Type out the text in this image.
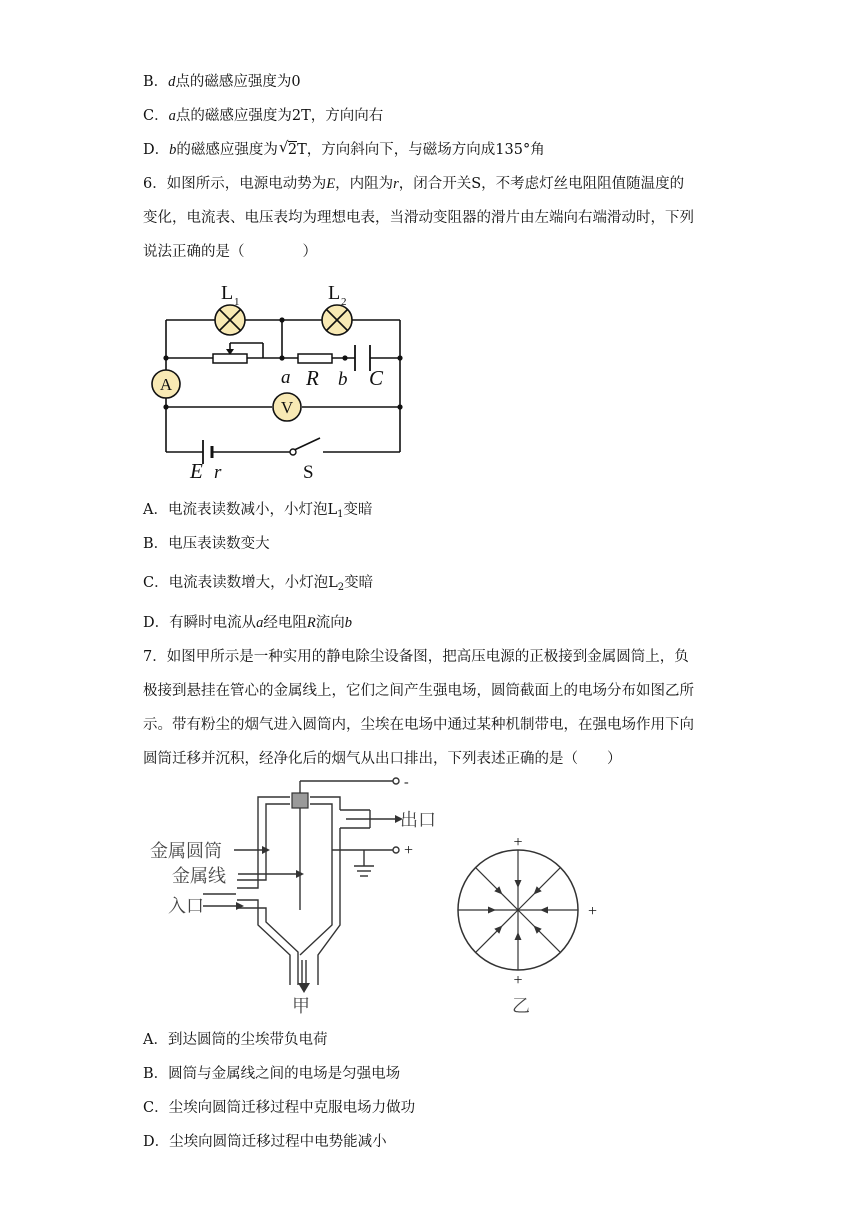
B．d点的磁感应强度为0
C．a点的磁感应强度为2T，方向向右
D．b的磁感应强度为 √ 2T，方向斜向下，与磁场方向成135°角
6．如图所示，电源电动势为E，内阻为r，闭合开关S，不考虑灯丝电阻阻值随温度的
变化，电流表、电压表均为理想电表，当滑动变阻器的滑片由左端向右端滑动时，下列
说法正确的是（　　　　）
A
V
L 1	L 2
a R b C
E r	S
A．电流表读数减小，小灯泡$L_1$变暗
B．电压表读数变大
C．电流表读数增大，小灯泡$L_2$变暗
D．有瞬时电流从a经电阻R流向b
7．如图甲所示是一种实用的静电除尘设备图，把高压电源的正极接到金属圆筒上，负
极接到悬挂在管心的金属线上，它们之间产生强电场，圆筒截面上的电场分布如图乙所
示。带有粉尘的烟气进入圆筒内，尘埃在电场中通过某种机制带电，在强电场作用下向
圆筒迁移并沉积，经净化后的烟气从出口排出，下列表述正确的是（　　）
-
+
出口
金属圆筒
金属线
入口
甲
+
+
+
乙
A．到达圆筒的尘埃带负电荷
B．圆筒与金属线之间的电场是匀强电场
C．尘埃向圆筒迁移过程中克服电场力做功
D．尘埃向圆筒迁移过程中电势能减小
